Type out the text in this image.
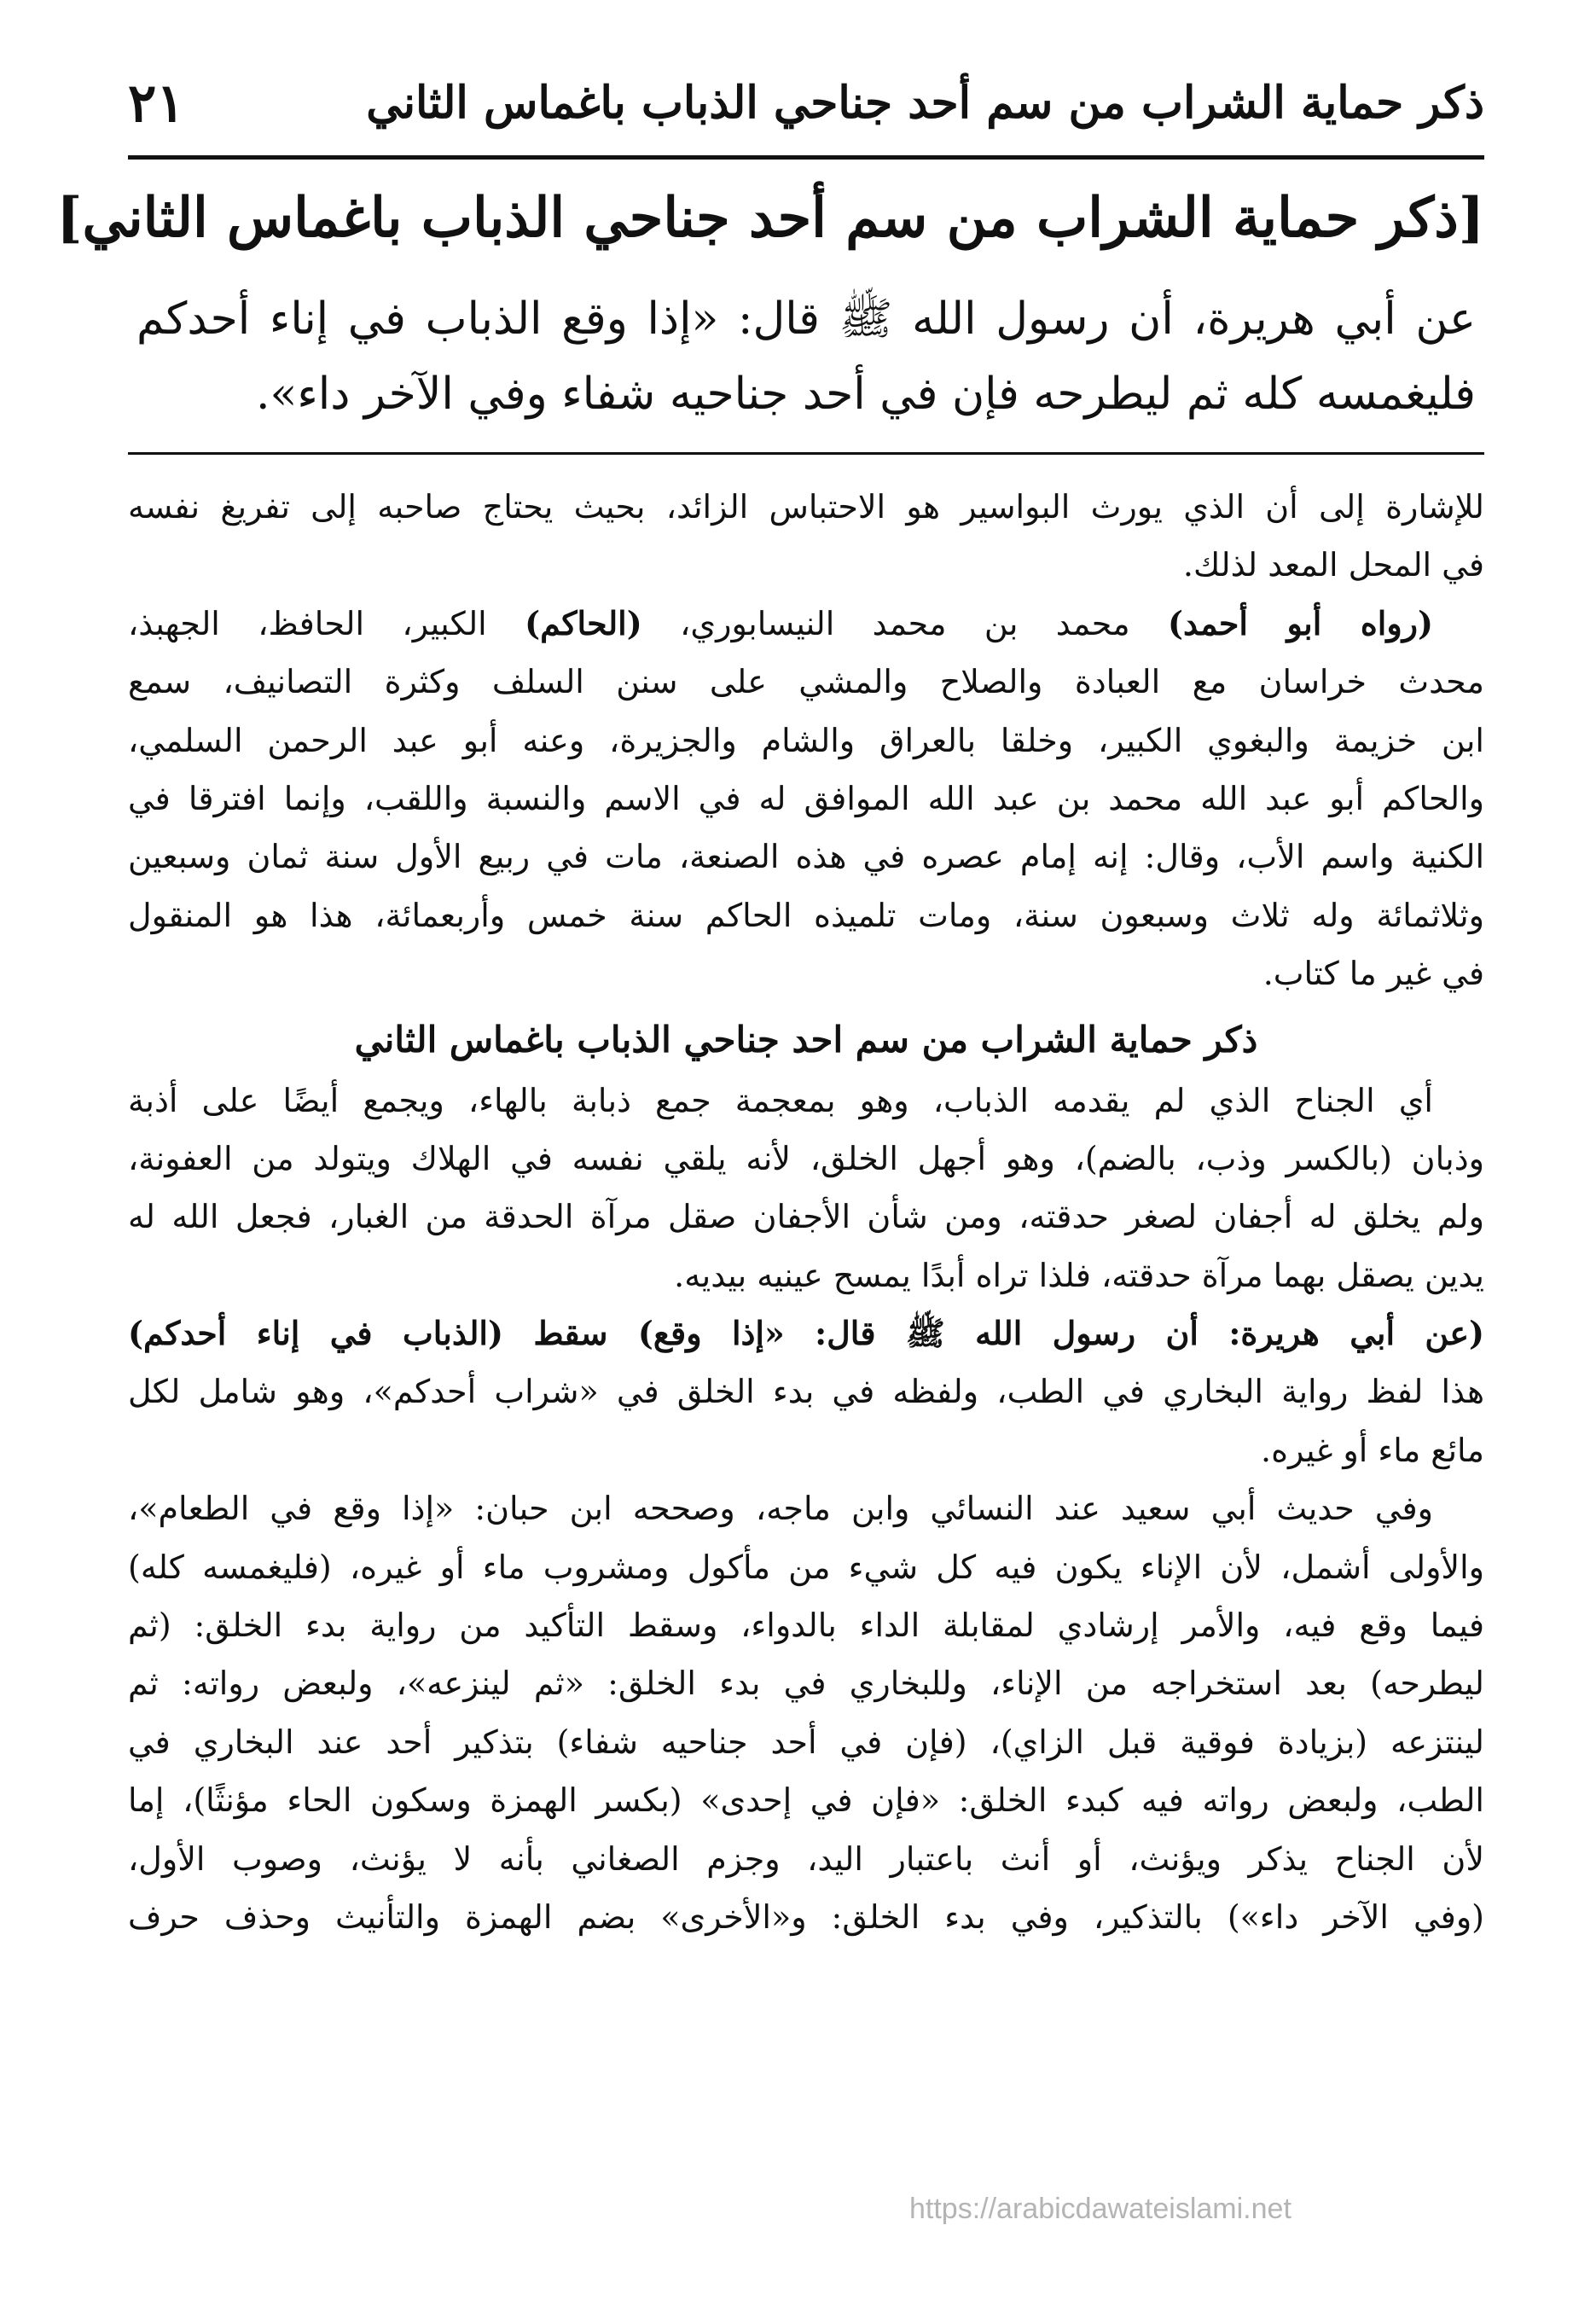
ذكر حماية الشراب من سم أحد جناحي الذباب باغماس الثاني
٢١
[ذكر حماية الشراب من سم أحد جناحي الذباب باغماس الثاني]
عن أبي هريرة، أن رسول الله ﷺ قال: «إذا وقع الذباب في إناء أحدكم
فليغمسه كله ثم ليطرحه فإن في أحد جناحيه شفاء وفي الآخر داء».
للإشارة إلى أن الذي يورث البواسير هو الاحتباس الزائد، بحيث يحتاج صاحبه إلى تفريغ نفسه
في المحل المعد لذلك.
(رواه أبو أحمد) محمد بن محمد النيسابوري، (الحاكم) الكبير، الحافظ، الجهبذ،
محدث خراسان مع العبادة والصلاح والمشي على سنن السلف وكثرة التصانيف، سمع
ابن خزيمة والبغوي الكبير، وخلقا بالعراق والشام والجزيرة، وعنه أبو عبد الرحمن السلمي،
والحاكم أبو عبد الله محمد بن عبد الله الموافق له في الاسم والنسبة واللقب، وإنما افترقا في
الكنية واسم الأب، وقال: إنه إمام عصره في هذه الصنعة، مات في ربيع الأول سنة ثمان وسبعين
وثلاثمائة وله ثلاث وسبعون سنة، ومات تلميذه الحاكم سنة خمس وأربعمائة، هذا هو المنقول
في غير ما كتاب.
ذكر حماية الشراب من سم احد جناحي الذباب باغماس الثاني
أي الجناح الذي لم يقدمه الذباب، وهو بمعجمة جمع ذبابة بالهاء، ويجمع أيضًا على أذبة
وذبان (بالكسر وذب، بالضم)، وهو أجهل الخلق، لأنه يلقي نفسه في الهلاك ويتولد من العفونة،
ولم يخلق له أجفان لصغر حدقته، ومن شأن الأجفان صقل مرآة الحدقة من الغبار، فجعل الله له
يدين يصقل بهما مرآة حدقته، فلذا تراه أبدًا يمسح عينيه بيديه.
(عن أبي هريرة: أن رسول الله ﷺ قال: «إذا وقع) سقط (الذباب في إناء أحدكم)
هذا لفظ رواية البخاري في الطب، ولفظه في بدء الخلق في «شراب أحدكم»، وهو شامل لكل
مائع ماء أو غيره.
وفي حديث أبي سعيد عند النسائي وابن ماجه، وصححه ابن حبان: «إذا وقع في الطعام»،
والأولى أشمل، لأن الإناء يكون فيه كل شيء من مأكول ومشروب ماء أو غيره، (فليغمسه كله)
فيما وقع فيه، والأمر إرشادي لمقابلة الداء بالدواء، وسقط التأكيد من رواية بدء الخلق: (ثم
ليطرحه) بعد استخراجه من الإناء، وللبخاري في بدء الخلق: «ثم لينزعه»، ولبعض رواته: ثم
لينتزعه (بزيادة فوقية قبل الزاي)، (فإن في أحد جناحيه شفاء) بتذكير أحد عند البخاري في
الطب، ولبعض رواته فيه كبدء الخلق: «فإن في إحدى» (بكسر الهمزة وسكون الحاء مؤنثًا)، إما
لأن الجناح يذكر ويؤنث، أو أنث باعتبار اليد، وجزم الصغاني بأنه لا يؤنث، وصوب الأول،
(وفي الآخر داء») بالتذكير، وفي بدء الخلق: و«الأخرى» بضم الهمزة والتأنيث وحذف حرف
https://arabicdawateislami.net
